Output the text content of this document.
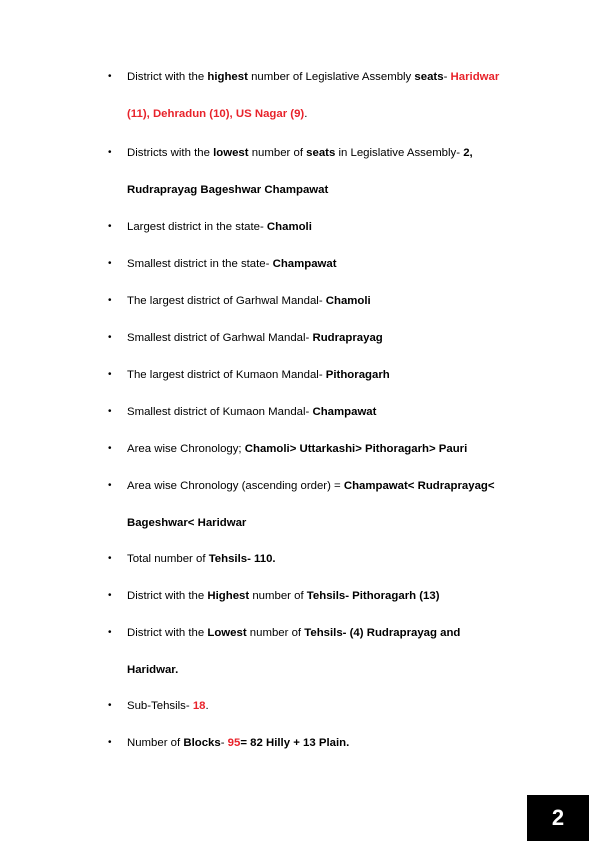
• District with the highest number of Legislative Assembly seats- Haridwar
(11), Dehradun (10), US Nagar (9).
• Districts with the lowest number of seats in Legislative Assembly- 2,
Rudraprayag Bageshwar Champawat
• Largest district in the state- Chamoli
• Smallest district in the state- Champawat
• The largest district of Garhwal Mandal- Chamoli
• Smallest district of Garhwal Mandal- Rudraprayag
• The largest district of Kumaon Mandal- Pithoragarh
• Smallest district of Kumaon Mandal- Champawat
• Area wise Chronology; Chamoli> Uttarkashi> Pithoragarh> Pauri
• Area wise Chronology (ascending order) = Champawat< Rudraprayag<
Bageshwar< Haridwar
• Total number of Tehsils- 110.
• District with the Highest number of Tehsils- Pithoragarh (13)
• District with the Lowest number of Tehsils- (4) Rudraprayag and
Haridwar.
• Sub-Tehsils- 18.
• Number of Blocks- 95= 82 Hilly + 13 Plain.
2
